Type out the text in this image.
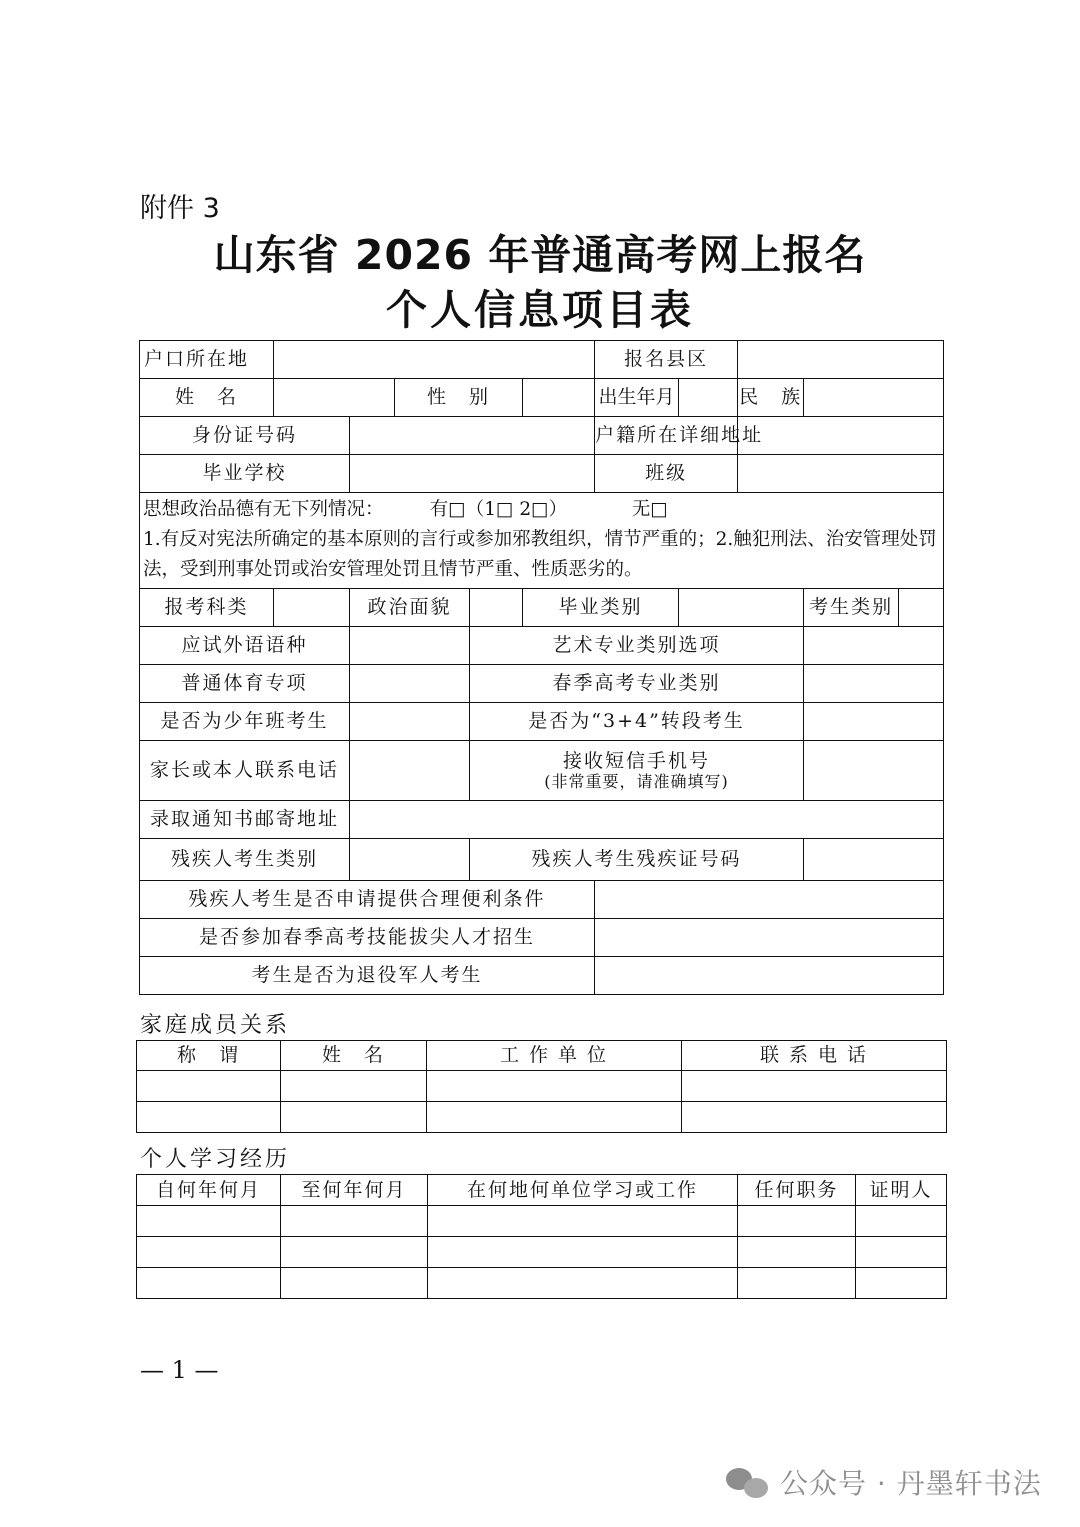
附件 3
山东省 2026 年普通高考网上报名
个人信息项目表
户口所在地						报名县区				
姓　名			性　别			出生年月		民　族		
身份证号码						户籍所在详细地址				
毕业学校						班级				

思想政治品德有无下列情况：　　　有□（1□ 2□）　　　　无□
1.有反对宪法所确定的基本原则的言行或参加邪教组织，情节严重的；2.触犯刑法、治安管理处罚法，受到刑事处罚或治安管理处罚且情节严重、性质恶劣的。										

报考科类		政治面貌			毕业类别				考生类别	
应试外语语种				艺术专业类别选项						
普通体育专项				春季高考专业类别						
是否为少年班考生				是否为“3+4”转段考生						
家长或本人联系电话				接收短信手机号
(非常重要，请准确填写)						

录取通知书邮寄地址										
残疾人考生类别				残疾人考生残疾证号码						
残疾人考生是否申请提供合理便利条件										
是否参加春季高考技能拔尖人才招生										
考生是否为退役军人考生										
家庭成员关系
称　谓	姓　名	工 作 单 位	联 系 电 话

个人学习经历
自何年何月	至何年何月	在何地何单位学习或工作	任何职务	证明人

— 1 —
公众号 · 丹墨轩书法
